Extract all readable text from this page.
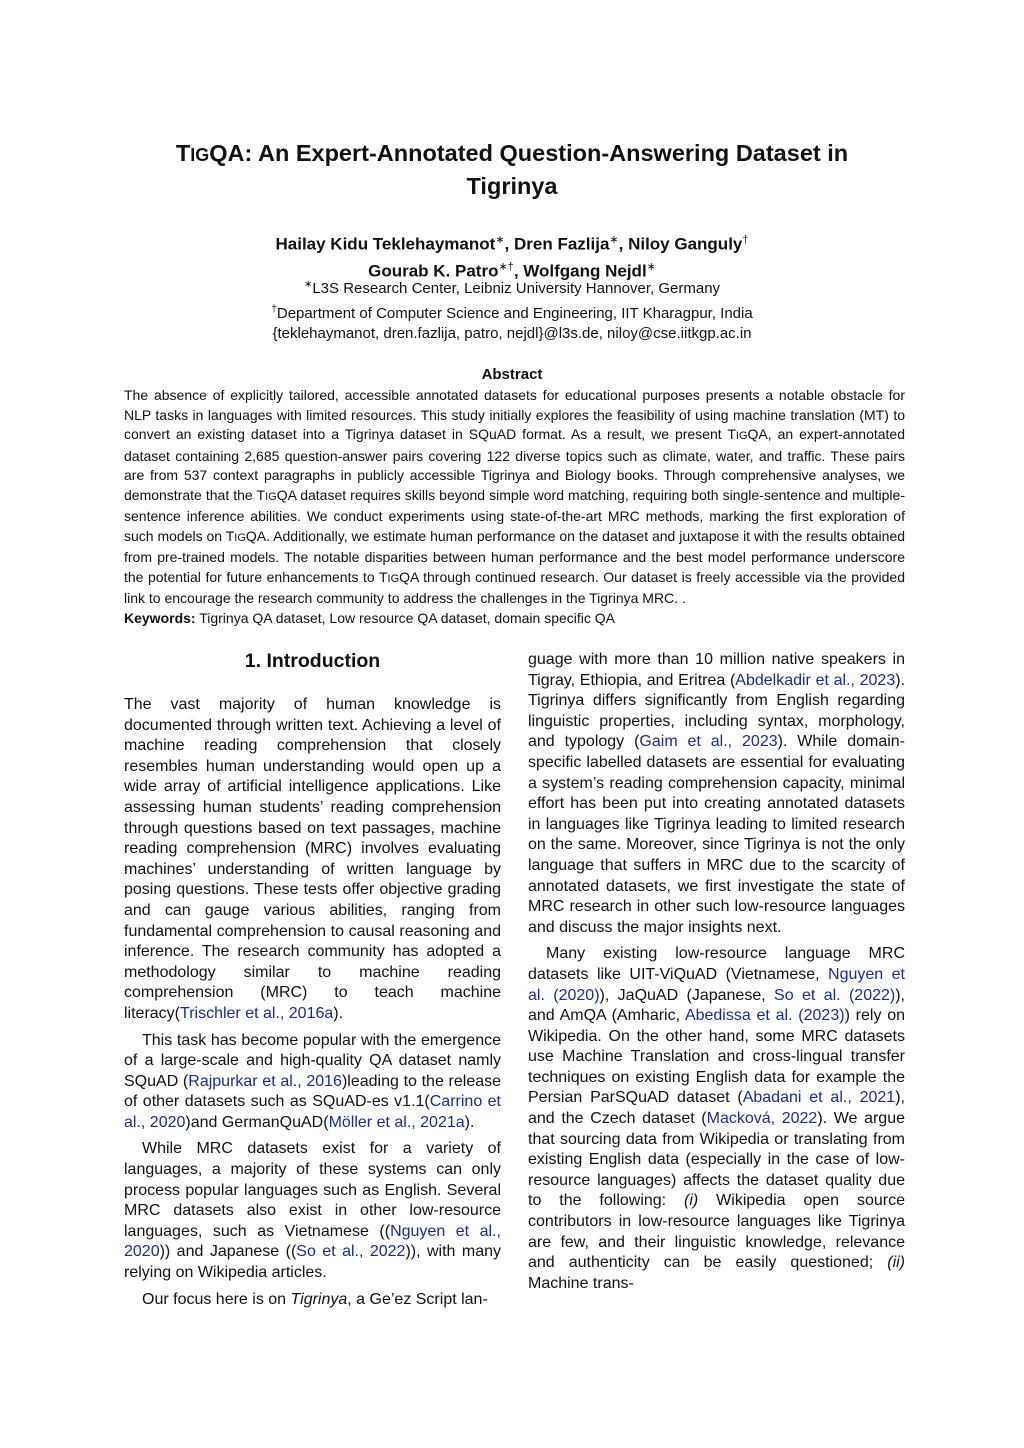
TIGQA: An Expert-Annotated Question-Answering Dataset in
Tigrinya
Hailay Kidu Teklehaymanot∗, Dren Fazlija∗, Niloy Ganguly†
Gourab K. Patro∗†, Wolfgang Nejdl∗
∗L3S Research Center, Leibniz University Hannover, Germany
†Department of Computer Science and Engineering, IIT Kharagpur, India
{teklehaymanot, dren.fazlija, patro, nejdl}@l3s.de, niloy@cse.iitkgp.ac.in
Abstract

The absence of explicitly tailored, accessible annotated datasets for educational purposes presents a notable obstacle for NLP tasks in languages with limited resources. This study initially explores the feasibility of using machine translation (MT) to convert an existing dataset into a Tigrinya dataset in SQuAD format. As a result, we present TIGQA, an expert-annotated dataset containing 2,685 question-answer pairs covering 122 diverse topics such as climate, water, and traffic. These pairs are from 537 context paragraphs in publicly accessible Tigrinya and Biology books. Through comprehensive analyses, we demonstrate that the TIGQA dataset requires skills beyond simple word matching, requiring both single-sentence and multiple-sentence inference abilities. We conduct experiments using state-of-the-art MRC methods, marking the first exploration of such models on TIGQA. Additionally, we estimate human performance on the dataset and juxtapose it with the results obtained from pre-trained models. The notable disparities between human performance and the best model performance underscore the potential for future enhancements to TIGQA through continued research. Our dataset is freely accessible via the provided link to encourage the research community to address the challenges in the Tigrinya MRC. .

Keywords: Tigrinya QA dataset, Low resource QA dataset, domain specific QA

1. Introduction

The vast majority of human knowledge is documented through written text. Achieving a level of machine reading comprehension that closely resembles human understanding would open up a wide array of artificial intelligence applications. Like assessing human students’ reading comprehension through questions based on text passages, machine reading comprehension (MRC) involves evaluating machines’ understanding of written language by posing questions. These tests offer objective grading and can gauge various abilities, ranging from fundamental comprehension to causal reasoning and inference. The research community has adopted a methodology similar to machine reading comprehension (MRC) to teach machine literacy(Trischler et al., 2016a).

This task has become popular with the emergence of a large-scale and high-quality QA dataset namly SQuAD (Rajpurkar et al., 2016)leading to the release of other datasets such as SQuAD-es v1.1(Carrino et al., 2020)and GermanQuAD(Möller et al., 2021a).

While MRC datasets exist for a variety of languages, a majority of these systems can only process popular languages such as English. Several MRC datasets also exist in other low-resource languages, such as Vietnamese ((Nguyen et al., 2020)) and Japanese ((So et al., 2022)), with many relying on Wikipedia articles.

Our focus here is on Tigrinya, a Ge’ez Script lan-

guage with more than 10 million native speakers in Tigray, Ethiopia, and Eritrea (Abdelkadir et al., 2023). Tigrinya differs significantly from English regarding linguistic properties, including syntax, morphology, and typology (Gaim et al., 2023). While domain-specific labelled datasets are essential for evaluating a system’s reading comprehension capacity, minimal effort has been put into creating annotated datasets in languages like Tigrinya leading to limited research on the same. Moreover, since Tigrinya is not the only language that suffers in MRC due to the scarcity of annotated datasets, we first investigate the state of MRC research in other such low-resource languages and discuss the major insights next.

Many existing low-resource language MRC datasets like UIT-ViQuAD (Vietnamese, Nguyen et al. (2020)), JaQuAD (Japanese, So et al. (2022)), and AmQA (Amharic, Abedissa et al. (2023)) rely on Wikipedia. On the other hand, some MRC datasets use Machine Translation and cross-lingual transfer techniques on existing English data for example the Persian ParSQuAD dataset (Abadani et al., 2021), and the Czech dataset (Macková, 2022). We argue that sourcing data from Wikipedia or translating from existing English data (especially in the case of low-resource languages) affects the dataset quality due to the following: (i) Wikipedia open source contributors in low-resource languages like Tigrinya are few, and their linguistic knowledge, relevance and authenticity can be easily questioned; (ii) Machine trans-
